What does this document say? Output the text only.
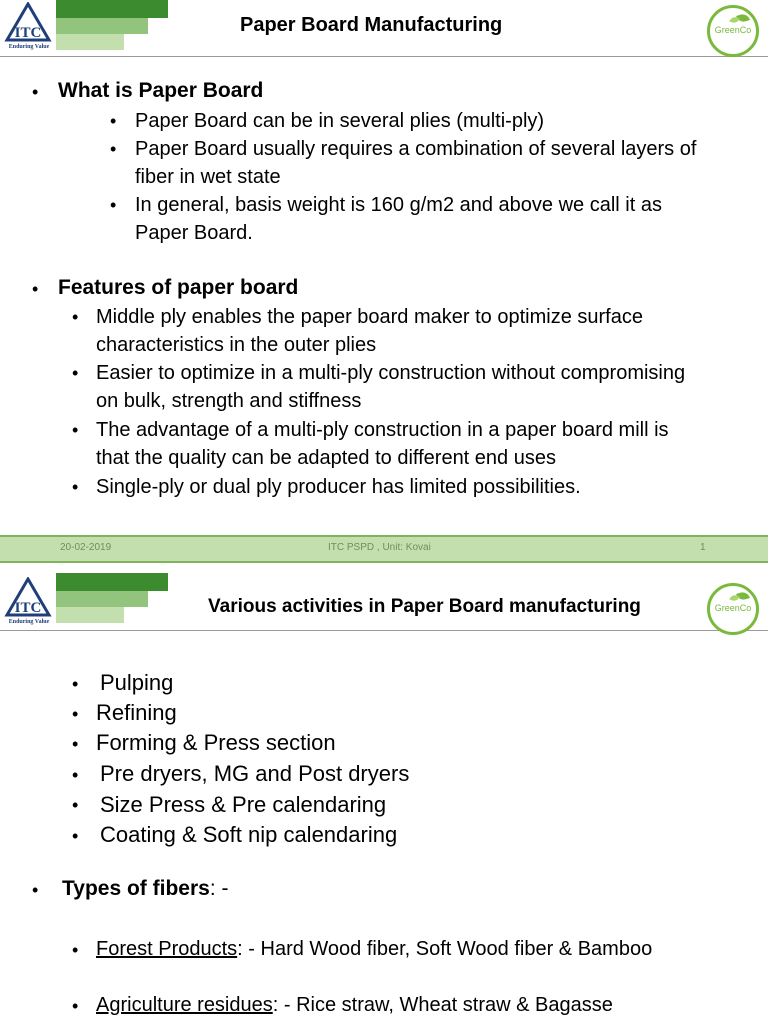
ITC
Enduring Value
Paper Board Manufacturing	GreenCo
• What is Paper Board
• Paper Board can be in several plies (multi-ply)
• Paper Board usually requires a combination of several layers of
fiber in wet state
• In general, basis weight is 160 g/m2 and above we call it as
Paper Board.
• Features of paper board
• Middle ply enables the paper board maker to optimize surface
characteristics in the outer plies
• Easier to optimize in a multi-ply construction without compromising
on bulk, strength and stiffness
• The advantage of a multi-ply construction in a paper board mill is
that the quality can be adapted to different end uses
• Single-ply or dual ply producer has limited possibilities.
20-02-2019	ITC PSPD , Unit: Kovai	1
ITC
Enduring Value
Various activities in Paper Board manufacturing	GreenCo
• Pulping
• Refining
• Forming & Press section
• Pre dryers, MG and Post dryers
• Size Press & Pre calendaring
• Coating & Soft nip calendaring
• Types of fibers: -
• Forest Products: - Hard Wood fiber, Soft Wood fiber & Bamboo
• Agriculture residues: - Rice straw, Wheat straw & Bagasse
